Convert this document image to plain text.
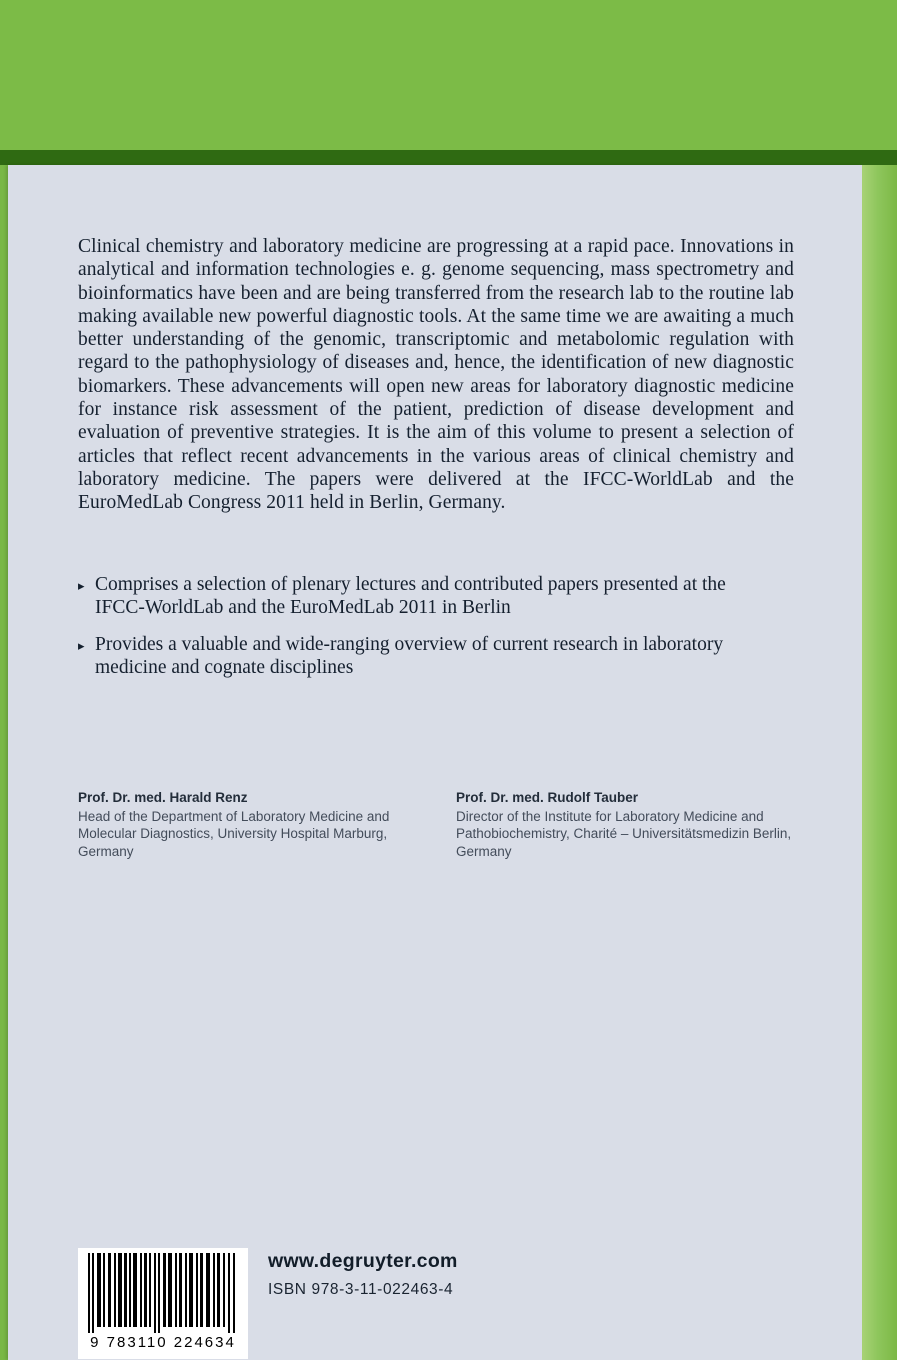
Clinical chemistry and laboratory medicine are progressing at a rapid pace. Innovations in analytical and information technologies e. g. genome sequencing, mass spectrometry and bioinformatics have been and are being transferred from the research lab to the routine lab making available new powerful diagnostic tools. At the same time we are awaiting a much better understanding of the genomic, transcriptomic and metabolomic regulation with regard to the pathophysiology of diseases and, hence, the identification of new diagnostic biomarkers. These advancements will open new areas for laboratory diagnostic medicine for instance risk assessment of the patient, prediction of disease development and evaluation of preventive strategies. It is the aim of this volume to present a selection of articles that reflect recent advancements in the various areas of clinical chemistry and laboratory medicine. The papers were delivered at the IFCC-WorldLab and the EuroMedLab Congress 2011 held in Berlin, Germany.

▸ Comprises a selection of plenary lectures and contributed papers presented at the IFCC-WorldLab and the EuroMedLab 2011 in Berlin
▸ Provides a valuable and wide-ranging overview of current research in laboratory medicine and cognate disciplines
Prof. Dr. med. Harald Renz
Head of the Department of Laboratory Medicine and Molecular Diagnostics, University Hospital Marburg, Germany
Prof. Dr. med. Rudolf Tauber
Director of the Institute for Laboratory Medicine and Pathobiochemistry, Charité – Universitätsmedizin Berlin, Germany
9 783110 224634
www.degruyter.com
ISBN 978-3-11-022463-4
